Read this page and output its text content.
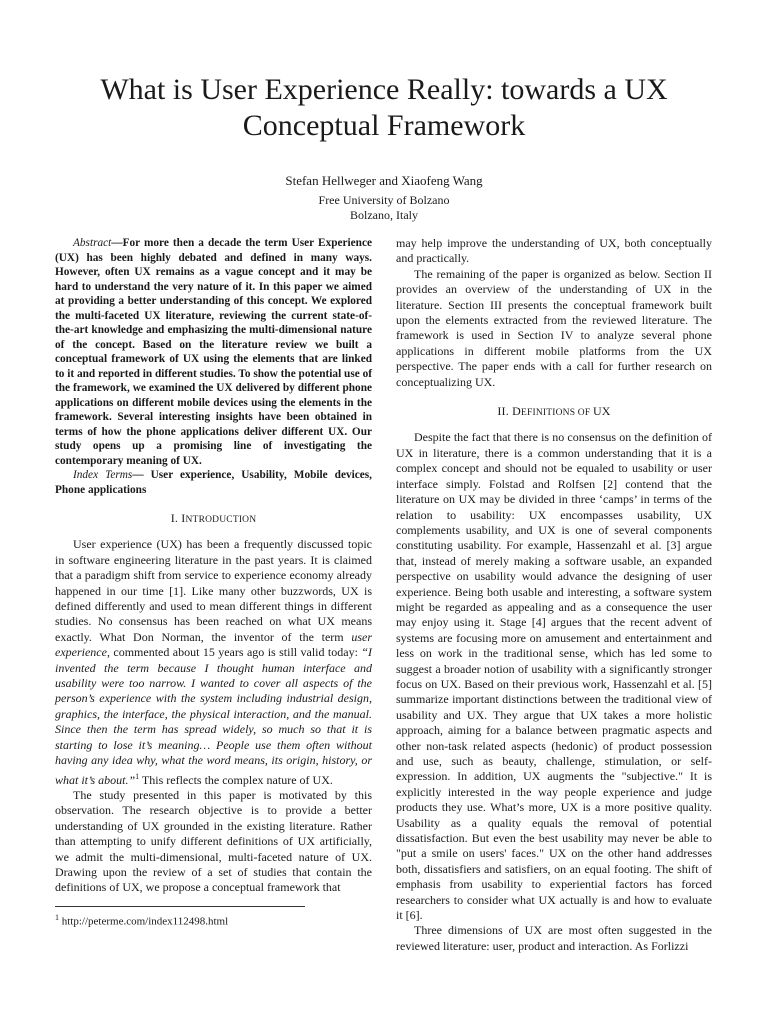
What is User Experience Really: towards a UX Conceptual Framework
Stefan Hellweger and Xiaofeng Wang
Free University of Bolzano
Bolzano, Italy

Abstract—For more then a decade the term User Experience (UX) has been highly debated and defined in many ways. However, often UX remains as a vague concept and it may be hard to understand the very nature of it. In this paper we aimed at providing a better understanding of this concept. We explored the multi-faceted UX literature, reviewing the current state-of-the-art knowledge and emphasizing the multi-dimensional nature of the concept. Based on the literature review we built a conceptual framework of UX using the elements that are linked to it and reported in different studies. To show the potential use of the framework, we examined the UX delivered by different phone applications on different mobile devices using the elements in the framework. Several interesting insights have been obtained in terms of how the phone applications deliver different UX. Our study opens up a promising line of investigating the contemporary meaning of UX.

Index Terms— User experience, Usability, Mobile devices, Phone applications

I. INTRODUCTION

User experience (UX) has been a frequently discussed topic in software engineering literature in the past years. It is claimed that a paradigm shift from service to experience economy already happened in our time [1]. Like many other buzzwords, UX is defined differently and used to mean different things in different studies. No consensus has been reached on what UX means exactly. What Don Norman, the inventor of the term user experience, commented about 15 years ago is still valid today: “I invented the term because I thought human interface and usability were too narrow. I wanted to cover all aspects of the person’s experience with the system including industrial design, graphics, the interface, the physical interaction, and the manual. Since then the term has spread widely, so much so that it is starting to lose it’s meaning… People use them often without having any idea why, what the word means, its origin, history, or what it’s about.”$^1$ This reflects the complex nature of UX.

The study presented in this paper is motivated by this observation. The research objective is to provide a better understanding of UX grounded in the existing literature. Rather than attempting to unify different definitions of UX artificially, we admit the multi-dimensional, multi-faceted nature of UX. Drawing upon the review of a set of studies that contain the definitions of UX, we propose a conceptual framework that

$^1$ http://peterme.com/index112498.html

may help improve the understanding of UX, both conceptually and practically.

The remaining of the paper is organized as below. Section II provides an overview of the understanding of UX in the literature. Section III presents the conceptual framework built upon the elements extracted from the reviewed literature. The framework is used in Section IV to analyze several phone applications in different mobile platforms from the UX perspective. The paper ends with a call for further research on conceptualizing UX.

II. DEFINITIONS OF UX

Despite the fact that there is no consensus on the definition of UX in literature, there is a common understanding that it is a complex concept and should not be equaled to usability or user interface simply. Folstad and Rolfsen [2] contend that the literature on UX may be divided in three ‘camps’ in terms of the relation to usability: UX encompasses usability, UX complements usability, and UX is one of several components constituting usability. For example, Hassenzahl et al. [3] argue that, instead of merely making a software usable, an expanded perspective on usability would advance the designing of user experience. Being both usable and interesting, a software system might be regarded as appealing and as a consequence the user may enjoy using it. Stage [4] argues that the recent advent of systems are focusing more on amusement and entertainment and less on work in the traditional sense, which has led some to suggest a broader notion of usability with a significantly stronger focus on UX. Based on their previous work, Hassenzahl et al. [5] summarize important distinctions between the traditional view of usability and UX. They argue that UX takes a more holistic approach, aiming for a balance between pragmatic aspects and other non-task related aspects (hedonic) of product possession and use, such as beauty, challenge, stimulation, or self-expression. In addition, UX augments the "subjective." It is explicitly interested in the way people experience and judge products they use. What’s more, UX is a more positive quality. Usability as a quality equals the removal of potential dissatisfaction. But even the best usability may never be able to "put a smile on users' faces." UX on the other hand addresses both, dissatisfiers and satisfiers, on an equal footing. The shift of emphasis from usability to experiential factors has forced researchers to consider what UX actually is and how to evaluate it [6].

Three dimensions of UX are most often suggested in the reviewed literature: user, product and interaction. As Forlizzi
